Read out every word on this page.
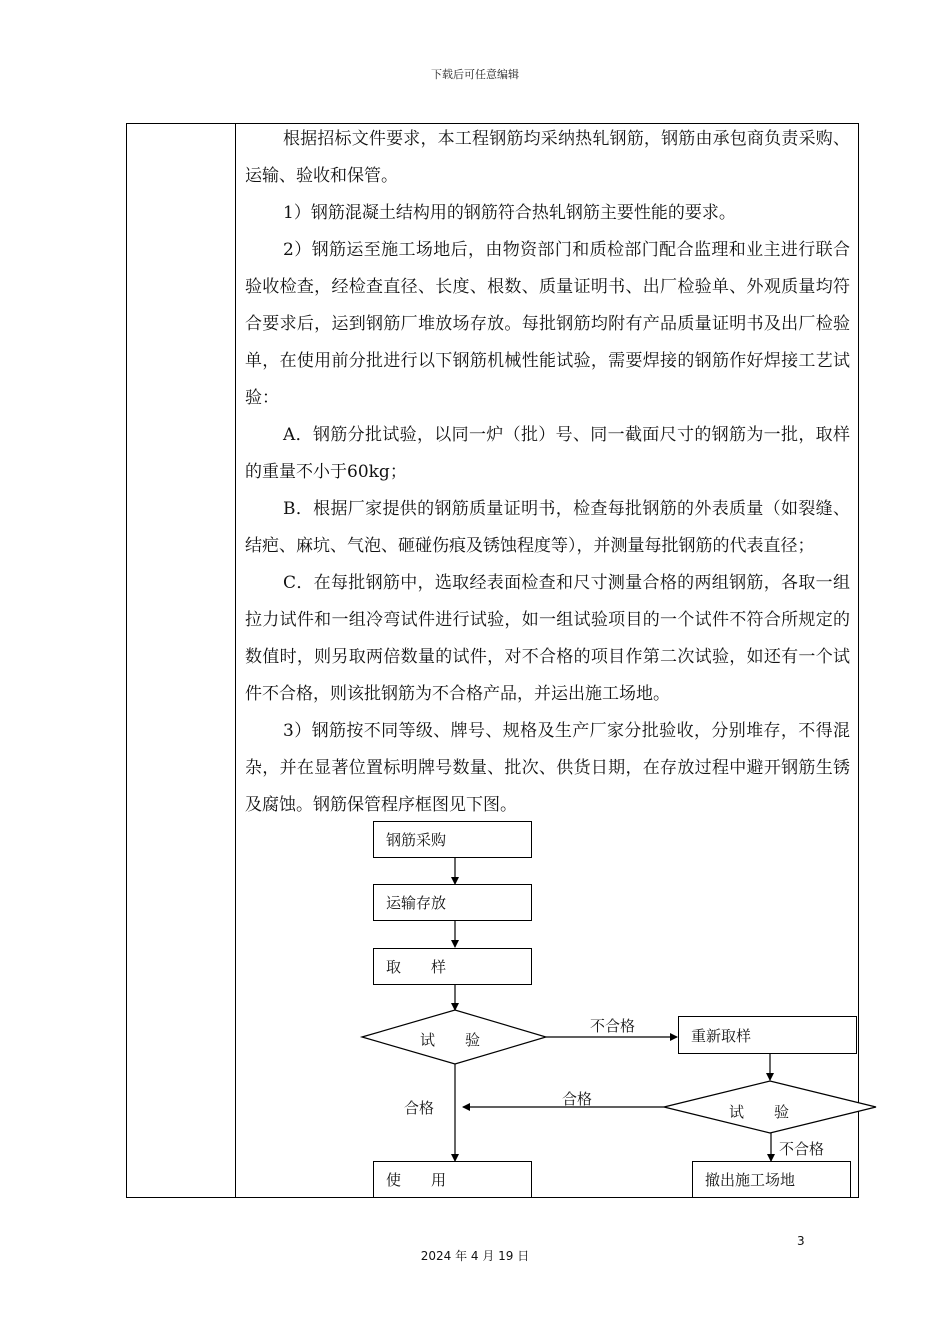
下载后可任意编辑

根据招标文件要求，本工程钢筋均采纳热轧钢筋，钢筋由承包商负责采购、运输、验收和保管。

1）钢筋混凝土结构用的钢筋符合热轧钢筋主要性能的要求。

2）钢筋运至施工场地后，由物资部门和质检部门配合监理和业主进行联合验收检查，经检查直径、长度、根数、质量证明书、出厂检验单、外观质量均符合要求后，运到钢筋厂堆放场存放。每批钢筋均附有产品质量证明书及出厂检验单，在使用前分批进行以下钢筋机械性能试验，需要焊接的钢筋作好焊接工艺试验：

A．钢筋分批试验，以同一炉（批）号、同一截面尺寸的钢筋为一批，取样的重量不小于60kg；

B．根据厂家提供的钢筋质量证明书，检查每批钢筋的外表质量（如裂缝、结疤、麻坑、气泡、砸碰伤痕及锈蚀程度等），并测量每批钢筋的代表直径；

C．在每批钢筋中，选取经表面检查和尺寸测量合格的两组钢筋，各取一组拉力试件和一组冷弯试件进行试验，如一组试验项目的一个试件不符合所规定的数值时，则另取两倍数量的试件，对不合格的项目作第二次试验，如还有一个试件不合格，则该批钢筋为不合格产品，并运出施工场地。

3）钢筋按不同等级、牌号、规格及生产厂家分批验收，分别堆存，不得混杂，并在显著位置标明牌号数量、批次、供货日期，在存放过程中避开钢筋生锈及腐蚀。钢筋保管程序框图见下图。

钢筋采购
运输存放
取　　样
试　　验	重新取样
试　　验
使　　用	撤出施工场地
不合格
合格	合格
不合格
3
2024 年 4 月 19 日
